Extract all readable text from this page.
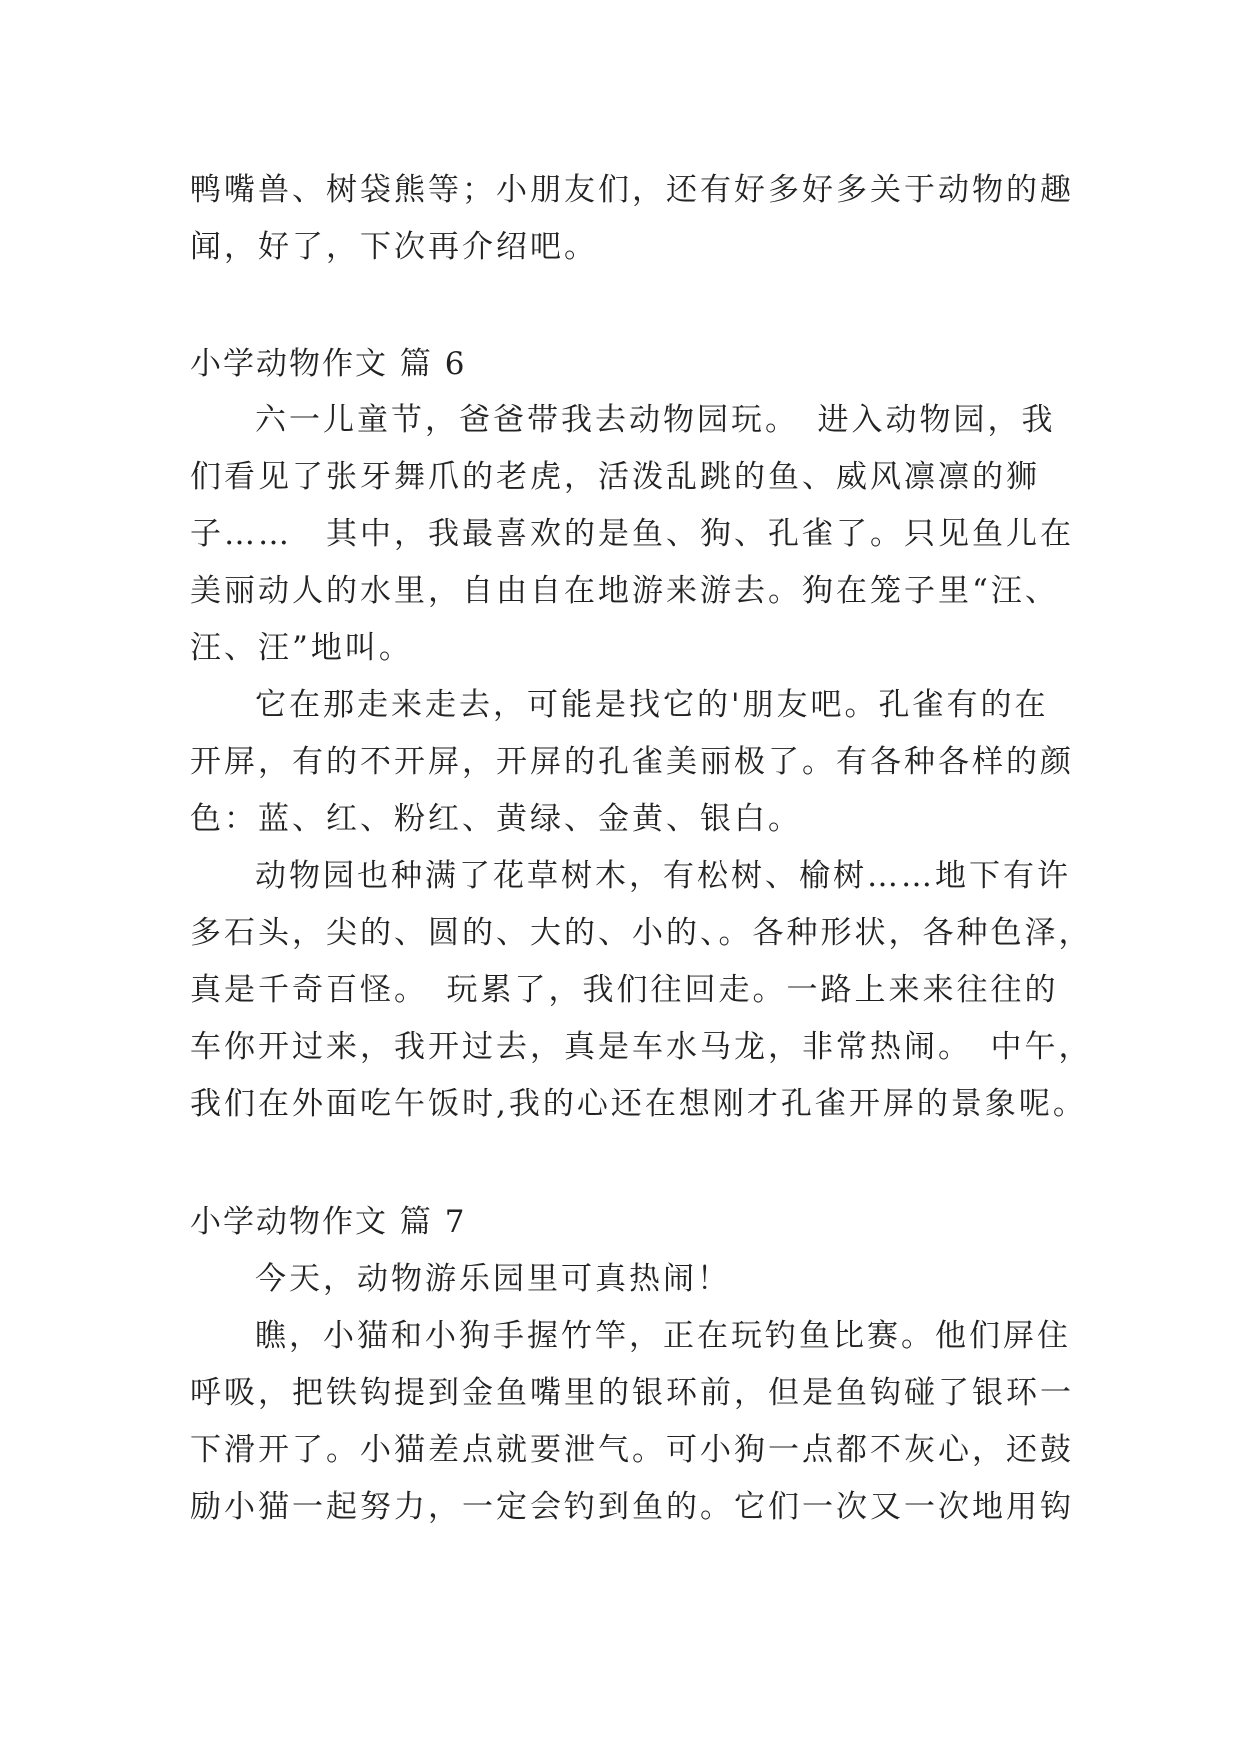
鸭嘴兽、树袋熊等；小朋友们，还有好多好多关于动物的趣
闻，好了，下次再介绍吧。
小学动物作文 篇 6
六一儿童节，爸爸带我去动物园玩。　进入动物园，我
们看见了张牙舞爪的老虎，活泼乱跳的鱼、威风凛凛的狮
子……　其中，我最喜欢的是鱼、狗、孔雀了。只见鱼儿在
美丽动人的水里，自由自在地游来游去。狗在笼子里“汪、
汪、汪”地叫。
它在那走来走去，可能是找它的'朋友吧。孔雀有的在
开屏，有的不开屏，开屏的孔雀美丽极了。有各种各样的颜
色：蓝、红、粉红、黄绿、金黄、银白。
动物园也种满了花草树木，有松树、榆树……地下有许
多石头，尖的、圆的、大的、小的、。各种形状，各种色泽，
真是千奇百怪。　玩累了，我们往回走。一路上来来往往的
车你开过来，我开过去，真是车水马龙，非常热闹。　中午，
我们在外面吃午饭时,我的心还在想刚才孔雀开屏的景象呢。
小学动物作文 篇 7
今天，动物游乐园里可真热闹！
瞧，小猫和小狗手握竹竿，正在玩钓鱼比赛。他们屏住
呼吸，把铁钩提到金鱼嘴里的银环前，但是鱼钩碰了银环一
下滑开了。小猫差点就要泄气。可小狗一点都不灰心，还鼓
励小猫一起努力，一定会钓到鱼的。它们一次又一次地用钩
